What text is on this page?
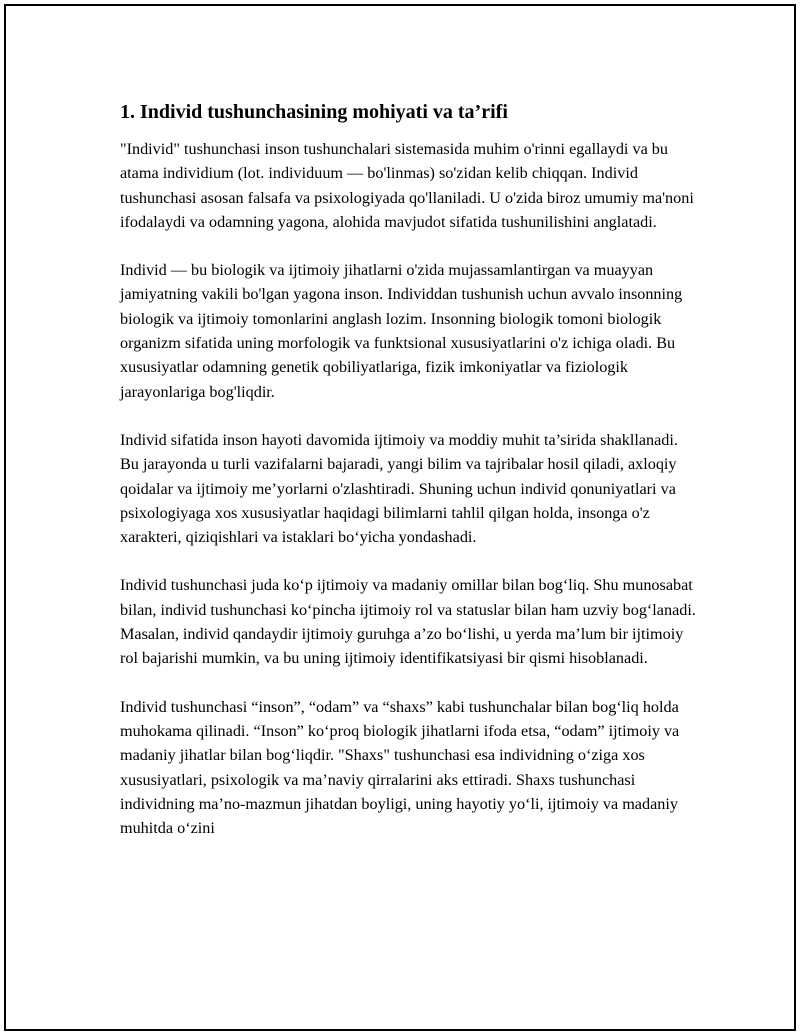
1. Individ tushunchasining mohiyati va ta’rifi

"Individ" tushunchasi inson tushunchalari sistemasida muhim o'rinni egallaydi va bu atama individium (lot. individuum — bo'linmas) so'zidan kelib chiqqan. Individ tushunchasi asosan falsafa va psixologiyada qo'llaniladi. U o'zida biroz umumiy ma'noni ifodalaydi va odamning yagona, alohida mavjudot sifatida tushunilishini anglatadi.

Individ — bu biologik va ijtimoiy jihatlarni o'zida mujassamlantirgan va muayyan jamiyatning vakili bo'lgan yagona inson. Individdan tushunish uchun avvalo insonning biologik va ijtimoiy tomonlarini anglash lozim. Insonning biologik tomoni biologik organizm sifatida uning morfologik va funktsional xususiyatlarini o'z ichiga oladi. Bu xususiyatlar odamning genetik qobiliyatlariga, fizik imkoniyatlar va fiziologik jarayonlariga bog'liqdir.

Individ sifatida inson hayoti davomida ijtimoiy va moddiy muhit ta’sirida shakllanadi. Bu jarayonda u turli vazifalarni bajaradi, yangi bilim va tajribalar hosil qiladi, axloqiy qoidalar va ijtimoiy me’yorlarni o'zlashtiradi. Shuning uchun individ qonuniyatlari va psixologiyaga xos xususiyatlar haqidagi bilimlarni tahlil qilgan holda, insonga o'z xarakteri, qiziqishlari va istaklari bo‘yicha yondashadi.

Individ tushunchasi juda ko‘p ijtimoiy va madaniy omillar bilan bog‘liq. Shu munosabat bilan, individ tushunchasi ko‘pincha ijtimoiy rol va statuslar bilan ham uzviy bog‘lanadi. Masalan, individ qandaydir ijtimoiy guruhga a’zo bo‘lishi, u yerda ma’lum bir ijtimoiy rol bajarishi mumkin, va bu uning ijtimoiy identifikatsiyasi bir qismi hisoblanadi.

Individ tushunchasi “inson”, “odam” va “shaxs” kabi tushunchalar bilan bog‘liq holda muhokama qilinadi. “Inson” ko‘proq biologik jihatlarni ifoda etsa, “odam” ijtimoiy va madaniy jihatlar bilan bog‘liqdir. "Shaxs" tushunchasi esa individning o‘ziga xos xususiyatlari, psixologik va ma’naviy qirralarini aks ettiradi. Shaxs tushunchasi individning ma’no-mazmun jihatdan boyligi, uning hayotiy yo‘li, ijtimoiy va madaniy muhitda o‘zini
